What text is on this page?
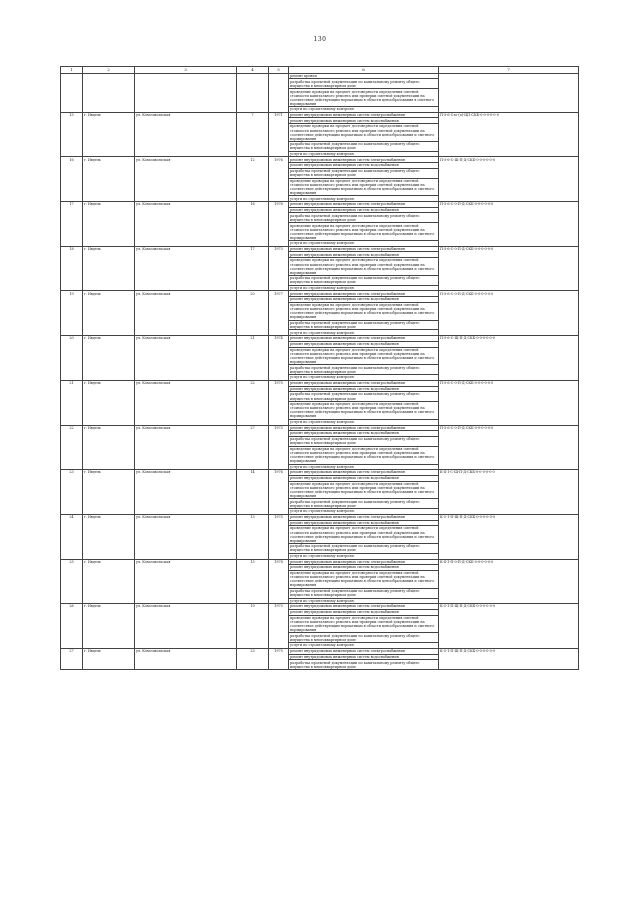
130
1	2	3	4	5	6	7
					ремонт кровли	
					разработка проектной документации по капитальному ремонту общего имущества в многоквартирном доме	
					проведение проверки на предмет достоверности определения сметной стоимости капитального ремонта или проверки сметной документации на соответствие действующим нормативам в области ценообразования в сметного нормирования	
					услуги по строительному контролю	
15	г. Ивдель	ул. Комсомольская	7	1971	ремонт внутридомовых инженерных систем электроснабжения	П-5-6-Сто-(о)-Щ1-СКБ-0-0-0-0-0-0
					ремонт внутридомовых инженерных систем водоснабжения	
					проведение проверки на предмет достоверности определения сметной стоимости капитального ремонта или проверки сметной документации на соответствие действующим нормативам в области ценообразования и сметного нормирования	
					разработка проектной документации по капитальному ремонту общего имущества в многоквартирном доме	
					услуги по строительному контролю	
16	г. Ивдель	ул. Комсомольская	12	1976	ремонт внутридомовых инженерных систем электроснабжения	П-5-6-С-Щ-П-Д-СКБ-0-0-0-0-0-0
					ремонт внутридомовых инженерных систем водоснабжения	
					разработка проектной документации по капитальному ремонту общего имущества в многоквартирном доме	
					проведение проверки на предмет достоверности определения сметной стоимости капитального ремонта или проверки сметной документации на соответствие действующим нормативам в области ценообразования и сметного нормирования	
					услуги по строительному контролю	
17	г. Ивдель	ул. Комсомольская	16	1976	ремонт внутридомовых инженерных систем электроснабжения	П-5-6-С-0-П-Д-СКБ-0-0-0-0-0-0
					ремонт внутридомовых инженерных систем водоснабжения	
					разработка проектной документации по капитальному ремонту общего имущества в многоквартирном доме	
					проведение проверки на предмет достоверности определения сметной стоимости капитального ремонта или проверки сметной документации на соответствие действующим нормативам в области ценообразования и сметного нормирования	
					услуги по строительному контролю	
18	г. Ивдель	ул. Комсомольская	17	1973	ремонт внутридомовых инженерных систем электроснабжения	П-5-6-С-0-П-Д-СКБ-0-0-0-0-0-0
					ремонт внутридомовых инженерных систем водоснабжения	
					проведение проверки на предмет достоверности определения сметной стоимости капитального ремонта или проверки сметной документации на соответствие действующим нормативам в области ценообразования и сметного нормирования	
					разработка проектной документации по капитальному ремонту общего имущества в многоквартирном доме	
					услуги по строительному контролю	
19	г. Ивдель	ул. Комсомольская	20	1977	ремонт внутридомовых инженерных систем электроснабжения	П-5-6-С-0-П-Д-СКБ-0-0-0-0-0-0
					ремонт внутридомовых инженерных систем водоснабжения	
					проведение проверки на предмет достоверности определения сметной стоимости капитального ремонта или проверки сметной документации на соответствие действующим нормативам в области ценообразования и сметного нормирования	
					разработка проектной документации по капитальному ремонту общего имущества в многоквартирном доме	
					услуги по строительному контролю	
20	г. Ивдель	ул. Комсомольская	21	1974	ремонт внутридомовых инженерных систем электроснабжения	П-5-6-С-Щ-П-Д-СКБ-0-0-0-0-0-0
					ремонт внутридомовых инженерных систем водоснабжения	
					проведение проверки на предмет достоверности определения сметной стоимости капитального ремонта или проверки сметной документации на соответствие действующим нормативам в области ценообразования и сметного нормирования	
					разработка проектной документации по капитальному ремонту общего имущества в многоквартирном доме	
					услуги по строительному контролю	
21	г. Ивдель	ул. Комсомольская	22	1975	ремонт внутридомовых инженерных систем электроснабжения	П-5-6-С-0-П-Д-СКБ-0-0-0-0-0-0
					ремонт внутридомовых инженерных систем водоснабжения	
					разработка проектной документации по капитальному ремонту общего имущества в многоквартирном доме	
					проведение проверки на предмет достоверности определения сметной стоимости капитального ремонта или проверки сметной документации на соответствие действующим нормативам в области ценообразования и сметного нормирования	
					услуги по строительному контролю	
22	г. Ивдель	ул. Комсомольская	27	1973	ремонт внутридомовых инженерных систем электроснабжения	П-5-6-С-0-П-Д-СКБ-0-0-0-0-0-0
					ремонт внутридомовых инженерных систем водоснабжения	
					разработка проектной документации по капитальному ремонту общего имущества в многоквартирном доме	
					проведение проверки на предмет достоверности определения сметной стоимости капитального ремонта или проверки сметной документации на соответствие действующим нормативам в области ценообразования и сметного нормирования	
					услуги по строительному контролю	
23	г. Ивдель	ул. Комсомольская	14	1976	ремонт внутридомовых инженерных систем электроснабжения	К-4-1-С-Щ-П-Д-СКБ-0-0-0-0-0-0
					ремонт внутридомовых инженерных систем водоснабжения	
					проведение проверки на предмет достоверности определения сметной стоимости капитального ремонта или проверки сметной документации на соответствие действующим нормативам в области ценообразования и сметного нормирования	
					разработка проектной документации по капитальному ремонту общего имущества в многоквартирном доме	
					услуги по строительному контролю	
24	г. Ивдель	ул. Комсомольская	13	1975	ремонт внутридомовых инженерных систем электроснабжения	К-5-1-П-Щ-П-Д-СКБ-0-0-0-0-0-0
					ремонт внутридомовых инженерных систем водоснабжения	
					проведение проверки на предмет достоверности определения сметной стоимости капитального ремонта или проверки сметной документации на соответствие действующим нормативам в области ценообразования и сметного нормирования	
					разработка проектной документации по капитальному ремонту общего имущества в многоквартирном доме	
					услуги по строительному контролю	
25	г. Ивдель	ул. Комсомольская	15	1978	ремонт внутридомовых инженерных систем электроснабжения	К-4-1-П-0-П-Д-СКБ-0-0-0-0-0-0
					ремонт внутридомовых инженерных систем водоснабжения	
					проведение проверки на предмет достоверности определения сметной стоимости капитального ремонта или проверки сметной документации на соответствие действующим нормативам в области ценообразования и сметного нормирования	
					разработка проектной документации по капитальному ремонту общего имущества в многоквартирном доме	
					услуги по строительному контролю	
26	г. Ивдель	ул. Комсомольская	19	1975	ремонт внутридомовых инженерных систем электроснабжения	К-5-1-П-Щ-П-Д-СКБ-0-0-0-0-0-0
					ремонт внутридомовых инженерных систем водоснабжения	
					проведение проверки на предмет достоверности определения сметной стоимости капитального ремонта или проверки сметной документации на соответствие действующим нормативам в области ценообразования и сметного нормирования	
					разработка проектной документации по капитальному ремонту общего имущества в многоквартирном доме	
					услуги по строительному контролю	
27	г. Ивдель	ул. Комсомольская	23	1975	ремонт внутридомовых инженерных систем электроснабжения	К-5-1-П-Щ-П-Д-СКБ-0-0-0-0-0-0
					ремонт внутридомовых инженерных систем водоснабжения	
					разработка проектной документации по капитальному ремонту общего имущества в многоквартирном доме	
